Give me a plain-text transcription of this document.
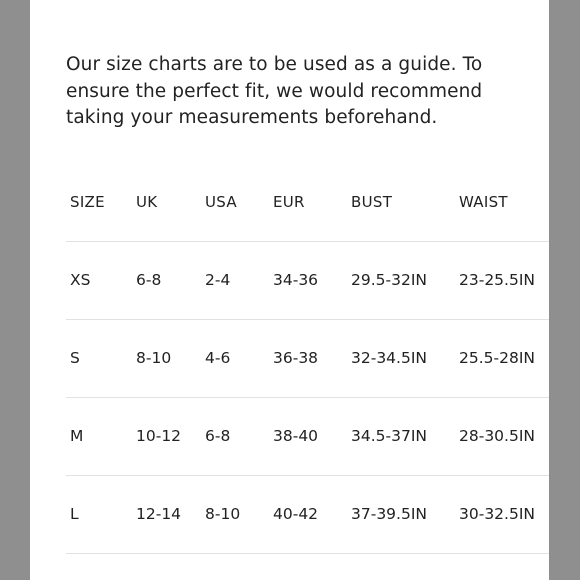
Our size charts are to be used as a guide. To ensure the perfect fit, we would recommend taking your measurements beforehand.

SIZE UK	USA EUR	BUST	WAIST
XS	6-8	2-4	34-36 29.5-32IN 23-25.5IN
S	8-10 4-6	36-38 32-34.5IN 25.5-28IN
M	10-12 6-8	38-40 34.5-37IN 28-30.5IN
L	12-14 8-10 40-42 37-39.5IN 30-32.5IN
